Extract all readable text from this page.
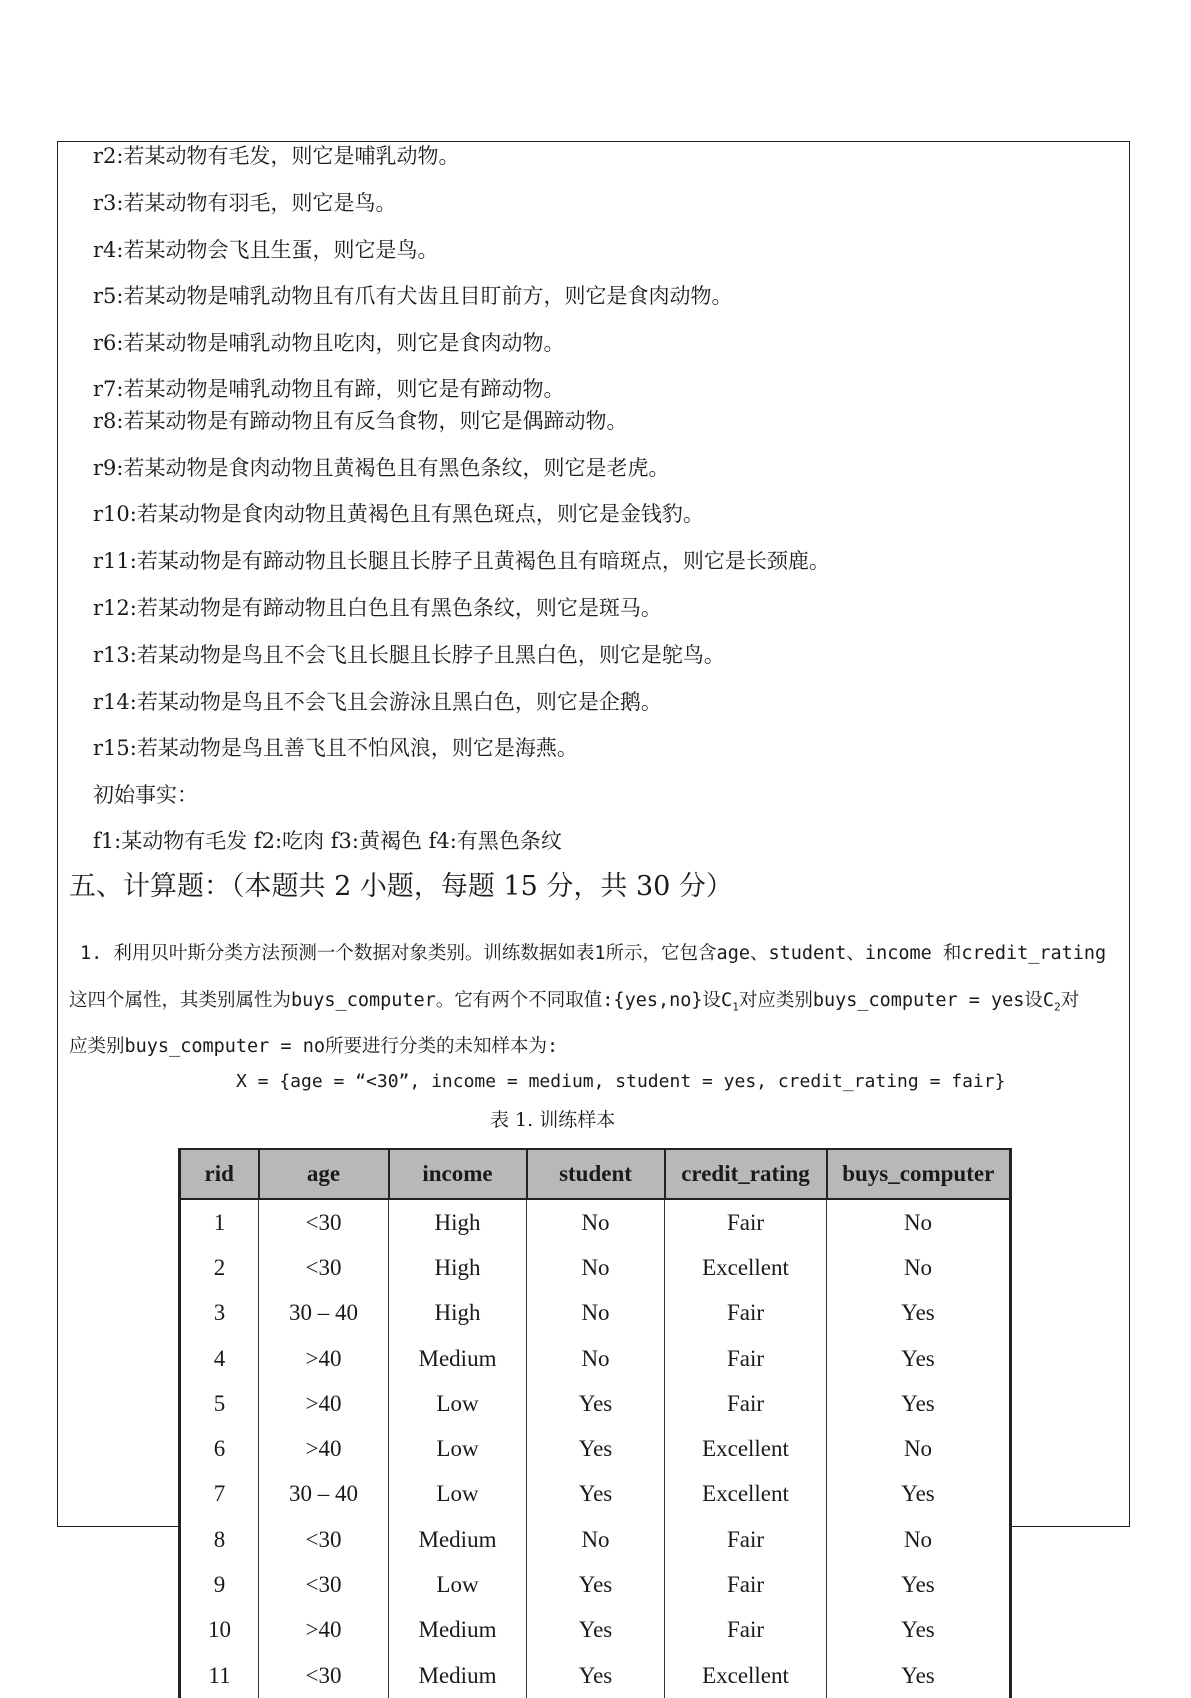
r2:若某动物有毛发，则它是哺乳动物。
r3:若某动物有羽毛，则它是鸟。
r4:若某动物会飞且生蛋，则它是鸟。
r5:若某动物是哺乳动物且有爪有犬齿且目盯前方，则它是食肉动物。
r6:若某动物是哺乳动物且吃肉，则它是食肉动物。
r7:若某动物是哺乳动物且有蹄，则它是有蹄动物。
r8:若某动物是有蹄动物且有反刍食物，则它是偶蹄动物。
r9:若某动物是食肉动物且黄褐色且有黑色条纹，则它是老虎。
r10:若某动物是食肉动物且黄褐色且有黑色斑点，则它是金钱豹。
r11:若某动物是有蹄动物且长腿且长脖子且黄褐色且有暗斑点，则它是长颈鹿。
r12:若某动物是有蹄动物且白色且有黑色条纹，则它是斑马。
r13:若某动物是鸟且不会飞且长腿且长脖子且黑白色，则它是鸵鸟。
r14:若某动物是鸟且不会飞且会游泳且黑白色，则它是企鹅。
r15:若某动物是鸟且善飞且不怕风浪，则它是海燕。
初始事实：
f1:某动物有毛发 f2:吃肉 f3:黄褐色 f4:有黑色条纹
五、计算题：（本题共 2 小题，每题 15 分，共 30 分）
1. 利用贝叶斯分类方法预测一个数据对象类别。训练数据如表1所示，它包含age、student、income 和credit_rating
这四个属性，其类别属性为buys_computer。它有两个不同取值:{yes,no}设$C_1$对应类别buys_computer = yes设$C_2$对
应类别buys_computer = no所要进行分类的未知样本为:
X = {age = “<30”, income = medium, student = yes, credit_rating = fair}
表 1. 训练样本
rid	age	income	student	credit_rating	buys_computer
1	<30	High	No	Fair	No
2	<30	High	No	Excellent	No
3	30 – 40	High	No	Fair	Yes
4	>40	Medium	No	Fair	Yes
5	>40	Low	Yes	Fair	Yes
6	>40	Low	Yes	Excellent	No
7	30 – 40	Low	Yes	Excellent	Yes
8	<30	Medium	No	Fair	No
9	<30	Low	Yes	Fair	Yes
10	>40	Medium	Yes	Fair	Yes
11	<30	Medium	Yes	Excellent	Yes
